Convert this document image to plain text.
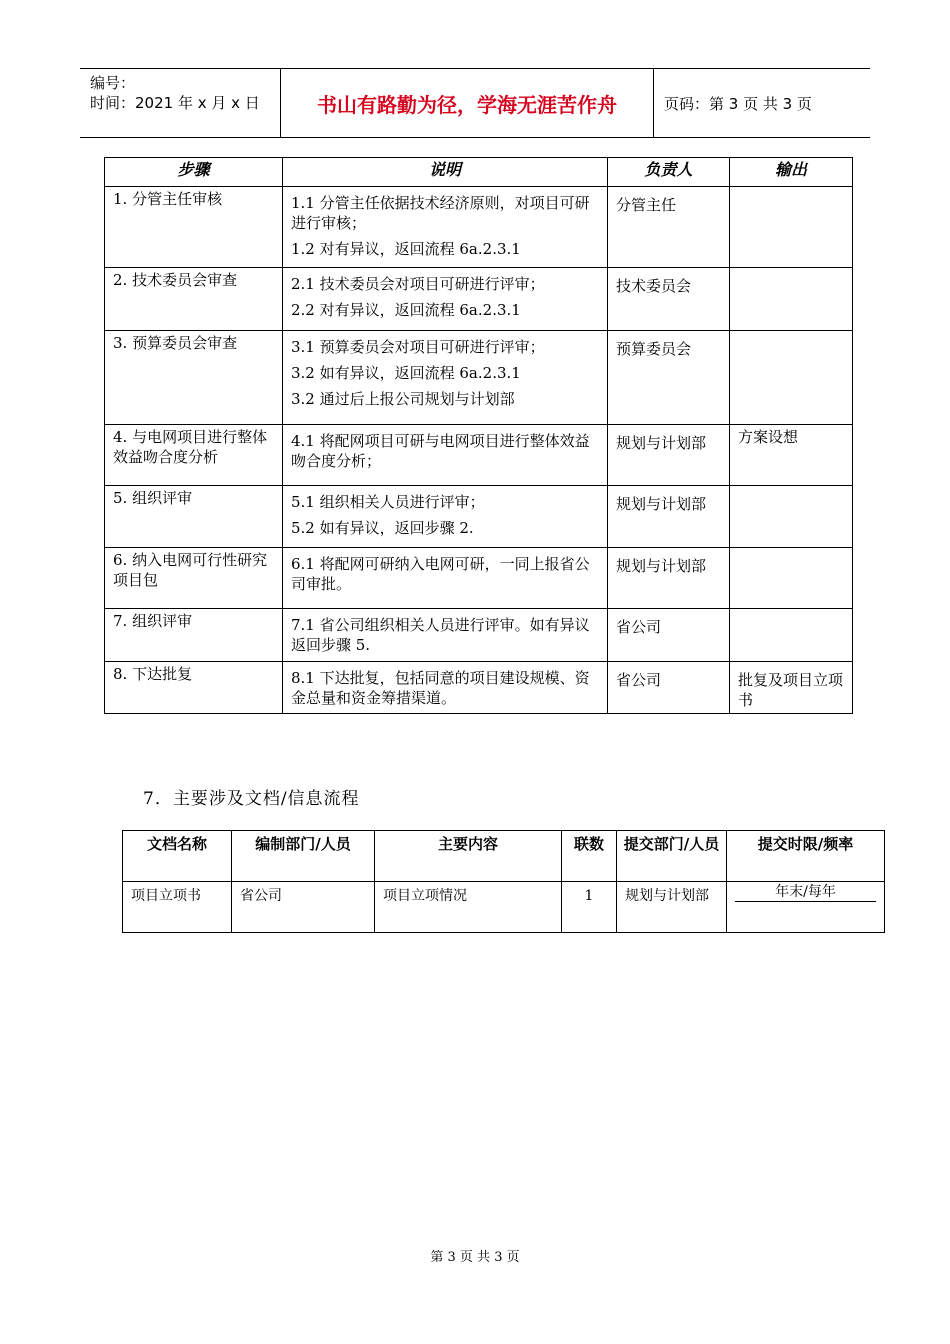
编号：
时间：2021 年 x 月 x 日	书山有路勤为径，学海无涯苦作舟	页码：第 3 页 共 3 页
步骤	说明	负责人	输出
1. 分管主任审核	1.1 分管主任依据技术经济原则，对项目可研进行审核；
1.2 对有异议，返回流程 6a.2.3.1	分管主任	
2. 技术委员会审查	2.1 技术委员会对项目可研进行评审；
2.2 对有异议，返回流程 6a.2.3.1	技术委员会	
3. 预算委员会审查	3.1 预算委员会对项目可研进行评审；
3.2 如有异议，返回流程 6a.2.3.1
3.2 通过后上报公司规划与计划部	预算委员会	
4. 与电网项目进行整体效益吻合度分析	4.1 将配网项目可研与电网项目进行整体效益吻合度分析；	规划与计划部	方案设想
5. 组织评审	5.1 组织相关人员进行评审；
5.2 如有异议，返回步骤 2.	规划与计划部	
6. 纳入电网可行性研究项目包	6.1 将配网可研纳入电网可研，一同上报省公司审批。	规划与计划部	
7. 组织评审	7.1 省公司组织相关人员进行评审。如有异议返回步骤 5.	省公司	
8. 下达批复	8.1 下达批复，包括同意的项目建设规模、资金总量和资金筹措渠道。	省公司	批复及项目立项书
7．主要涉及文档/信息流程
文档名称	编制部门/人员	主要内容	联数	提交部门/人员	提交时限/频率
项目立项书	省公司	项目立项情况	1	规划与计划部	年末/每年
第 3 页 共 3 页
